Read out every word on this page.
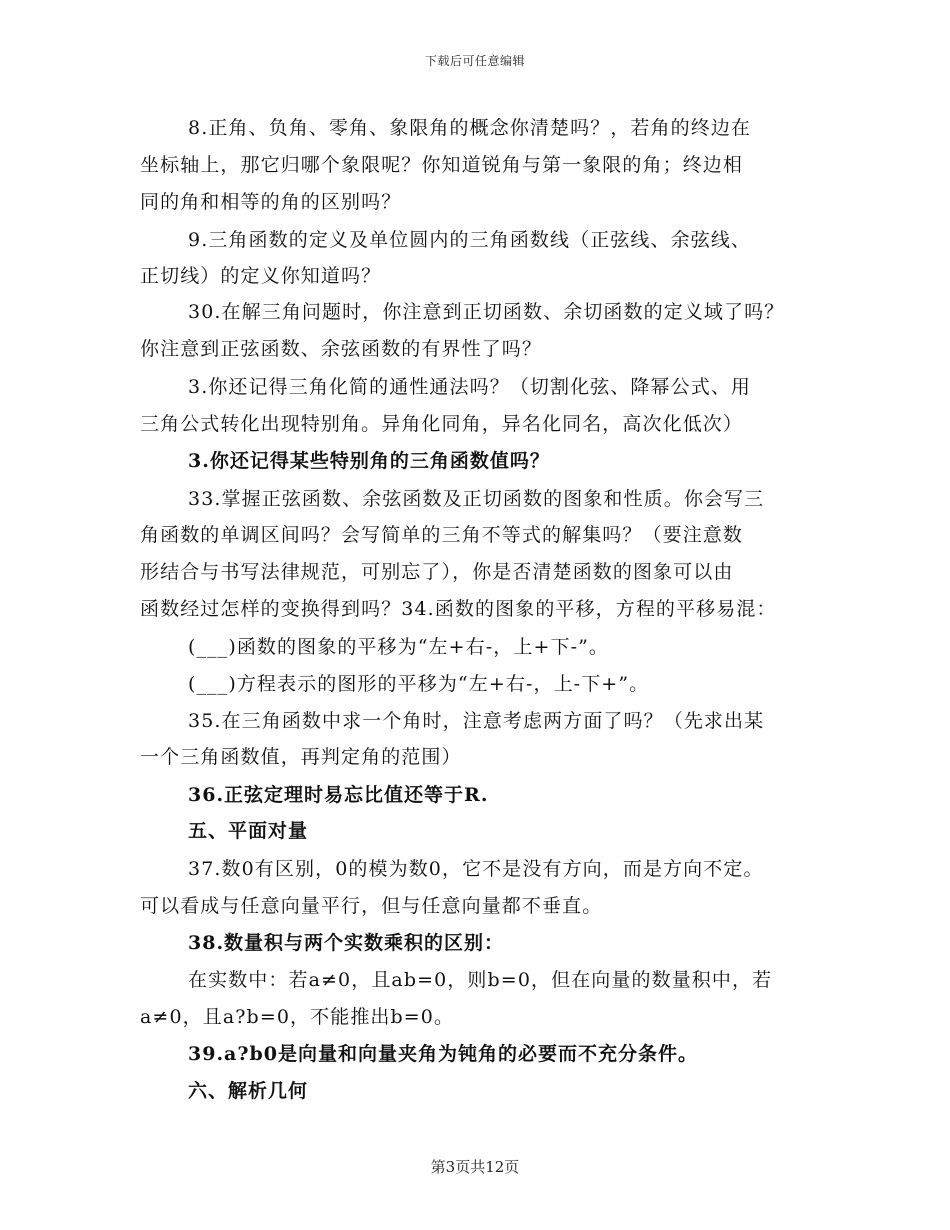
下载后可任意编辑
8.正角、负角、零角、象限角的概念你清楚吗？，若角的终边在
坐标轴上，那它归哪个象限呢？你知道锐角与第一象限的角；终边相
同的角和相等的角的区别吗？
9.三角函数的定义及单位圆内的三角函数线（正弦线、余弦线、
正切线）的定义你知道吗？
30.在解三角问题时，你注意到正切函数、余切函数的定义域了吗？
你注意到正弦函数、余弦函数的有界性了吗？
3.你还记得三角化简的通性通法吗？（切割化弦、降幂公式、用
三角公式转化出现特别角。异角化同角，异名化同名，高次化低次）
3.你还记得某些特别角的三角函数值吗？
33.掌握正弦函数、余弦函数及正切函数的图象和性质。你会写三
角函数的单调区间吗？会写简单的三角不等式的解集吗？（要注意数
形结合与书写法律规范，可别忘了），你是否清楚函数的图象可以由
函数经过怎样的变换得到吗？34.函数的图象的平移，方程的平移易混：
(___)函数的图象的平移为“左+右-，上+下-”。
(___)方程表示的图形的平移为“左+右-，上-下+”。
35.在三角函数中求一个角时，注意考虑两方面了吗？（先求出某
一个三角函数值，再判定角的范围）
36.正弦定理时易忘比值还等于R.
五、平面对量
37.数0有区别，0的模为数0，它不是没有方向，而是方向不定。
可以看成与任意向量平行，但与任意向量都不垂直。
38.数量积与两个实数乘积的区别：
在实数中：若a≠0，且ab=0，则b=0，但在向量的数量积中，若
a≠0，且a?b=0，不能推出b=0。
39.a?b0是向量和向量夹角为钝角的必要而不充分条件。
六、解析几何
第3页共12页
